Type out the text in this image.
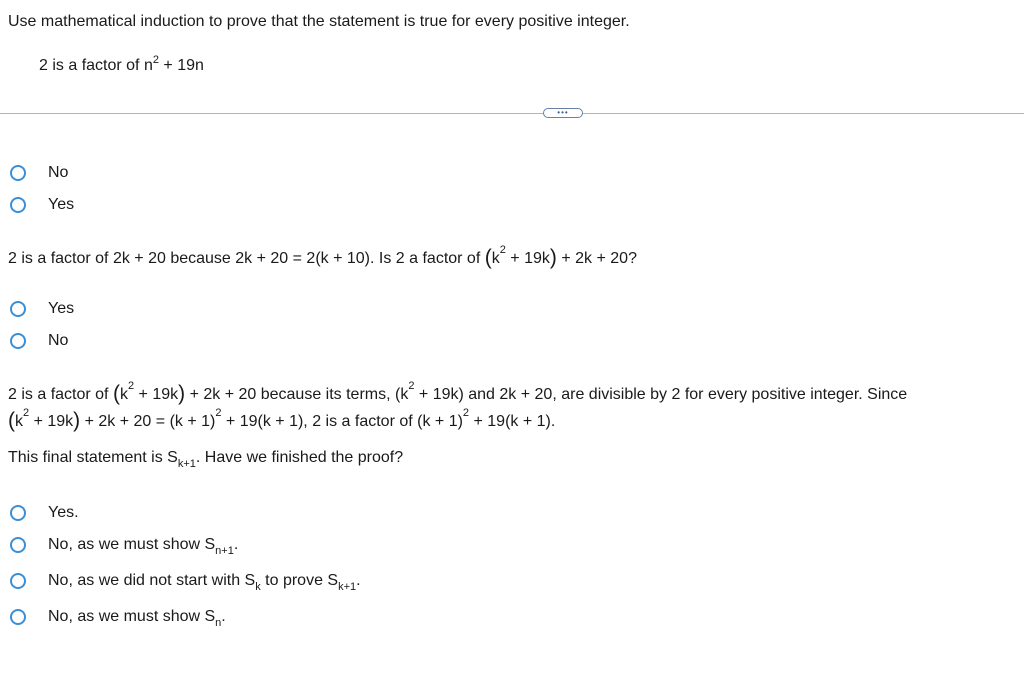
Use mathematical induction to prove that the statement is true for every positive integer.
2 is a factor of $n^2 + 19n$
•••
No
Yes
2 is a factor of 2k + 20 because 2k + 20 = 2(k + 10). Is 2 a factor of $(k^2 + 19k) + 2k + 20$?
Yes
No
2 is a factor of $(k^2 + 19k) + 2k + 20$ because its terms, $(k^2 + 19k)$ and 2k + 20, are divisible by 2 for every positive integer. Since
$(k^2 + 19k) + 2k + 20 = (k + 1)^2 + 19(k + 1)$, 2 is a factor of $(k + 1)^2 + 19(k + 1)$.
This final statement is $S_{k+1}$. Have we finished the proof?
Yes.
No, as we must show $S_{n+1}$.
No, as we did not start with $S_k$ to prove $S_{k+1}$.
No, as we must show $S_n$.
